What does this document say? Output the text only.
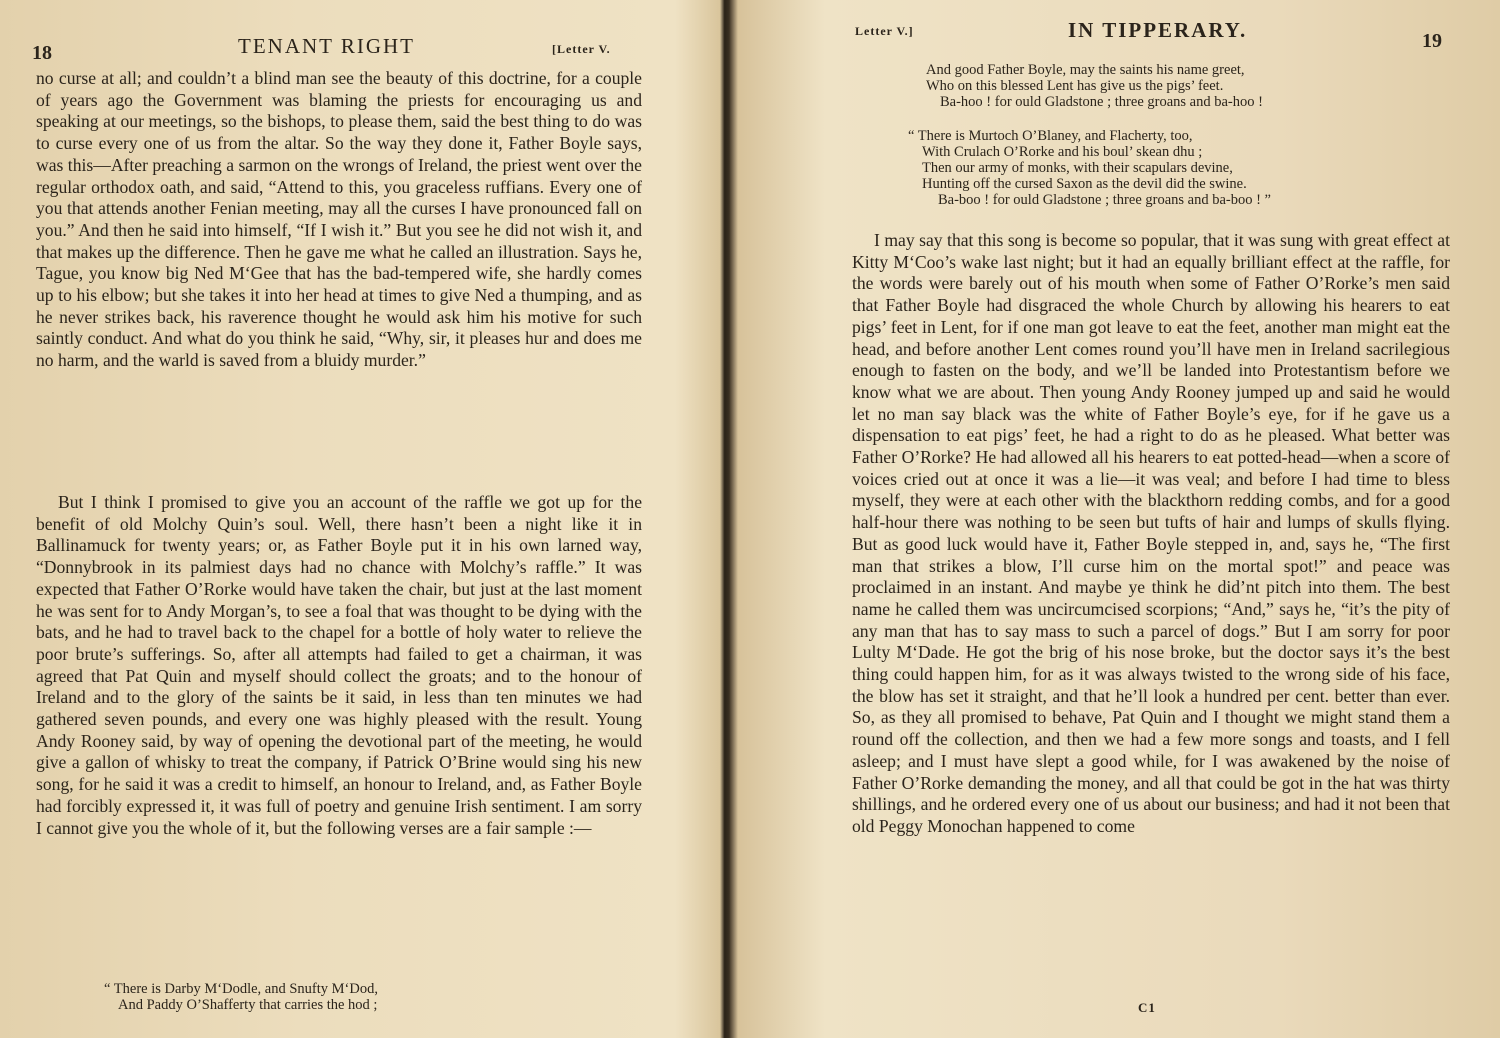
18	TENANT RIGHT	[Letter V.

no curse at all; and couldn’t a blind man see the beauty of this doctrine, for a couple of years ago the Government was blaming the priests for encouraging us and speaking at our meetings, so the bishops, to please them, said the best thing to do was to curse every one of us from the altar. So the way they done it, Father Boyle says, was this—After preaching a sarmon on the wrongs of Ireland, the priest went over the regular orthodox oath, and said, “Attend to this, you graceless ruffians. Every one of you that attends another Fenian meeting, may all the curses I have pronounced fall on you.” And then he said into himself, “If I wish it.” But you see he did not wish it, and that makes up the difference. Then he gave me what he called an illustration. Says he, Tague, you know big Ned M‘Gee that has the bad-tempered wife, she hardly comes up to his elbow; but she takes it into her head at times to give Ned a thumping, and as he never strikes back, his raverence thought he would ask him his motive for such saintly conduct. And what do you think he said, “Why, sir, it pleases hur and does me no harm, and the warld is saved from a bluidy murder.”

But I think I promised to give you an account of the raffle we got up for the benefit of old Molchy Quin’s soul. Well, there hasn’t been a night like it in Ballinamuck for twenty years; or, as Father Boyle put it in his own larned way, “Donnybrook in its palmiest days had no chance with Molchy’s raffle.” It was expected that Father O’Rorke would have taken the chair, but just at the last moment he was sent for to Andy Morgan’s, to see a foal that was thought to be dying with the bats, and he had to travel back to the chapel for a bottle of holy water to relieve the poor brute’s sufferings. So, after all attempts had failed to get a chairman, it was agreed that Pat Quin and myself should collect the groats; and to the honour of Ireland and to the glory of the saints be it said, in less than ten minutes we had gathered seven pounds, and every one was highly pleased with the result. Young Andy Rooney said, by way of opening the devotional part of the meeting, he would give a gallon of whisky to treat the company, if Patrick O’Brine would sing his new song, for he said it was a credit to himself, an honour to Ireland, and, as Father Boyle had forcibly expressed it, it was full of poetry and genuine Irish sentiment. I am sorry I cannot give you the whole of it, but the following verses are a fair sample :—

“ There is Darby M‘Dodle, and Snufty M‘Dod,
And Paddy O’Shafferty that carries the hod ;
Letter V.]	IN TIPPERARY.	19
And good Father Boyle, may the saints his name greet,
Who on this blessed Lent has give us the pigs’ feet.
Ba-hoo ! for ould Gladstone ; three groans and ba-hoo !
“ There is Murtoch O’Blaney, and Flacherty, too,
With Crulach O’Rorke and his boul’ skean dhu ;
Then our army of monks, with their scapulars devine,
Hunting off the cursed Saxon as the devil did the swine.
Ba-boo ! for ould Gladstone ; three groans and ba-boo ! ”

I may say that this song is become so popular, that it was sung with great effect at Kitty M‘Coo’s wake last night; but it had an equally brilliant effect at the raffle, for the words were barely out of his mouth when some of Father O’Rorke’s men said that Father Boyle had disgraced the whole Church by allowing his hearers to eat pigs’ feet in Lent, for if one man got leave to eat the feet, another man might eat the head, and before another Lent comes round you’ll have men in Ireland sacrilegious enough to fasten on the body, and we’ll be landed into Protestantism before we know what we are about. Then young Andy Rooney jumped up and said he would let no man say black was the white of Father Boyle’s eye, for if he gave us a dispensation to eat pigs’ feet, he had a right to do as he pleased. What better was Father O’Rorke? He had allowed all his hearers to eat potted-head—when a score of voices cried out at once it was a lie—it was veal; and before I had time to bless myself, they were at each other with the blackthorn redding combs, and for a good half-hour there was nothing to be seen but tufts of hair and lumps of skulls flying. But as good luck would have it, Father Boyle stepped in, and, says he, “The first man that strikes a blow, I’ll curse him on the mortal spot!” and peace was proclaimed in an instant. And maybe ye think he did’nt pitch into them. The best name he called them was uncircumcised scorpions; “And,” says he, “it’s the pity of any man that has to say mass to such a parcel of dogs.” But I am sorry for poor Lulty M‘Dade. He got the brig of his nose broke, but the doctor says it’s the best thing could happen him, for as it was always twisted to the wrong side of his face, the blow has set it straight, and that he’ll look a hundred per cent. better than ever. So, as they all promised to behave, Pat Quin and I thought we might stand them a round off the collection, and then we had a few more songs and toasts, and I fell asleep; and I must have slept a good while, for I was awakened by the noise of Father O’Rorke demanding the money, and all that could be got in the hat was thirty shillings, and he ordered every one of us about our business; and had it not been that old Peggy Monochan happened to come

C1
